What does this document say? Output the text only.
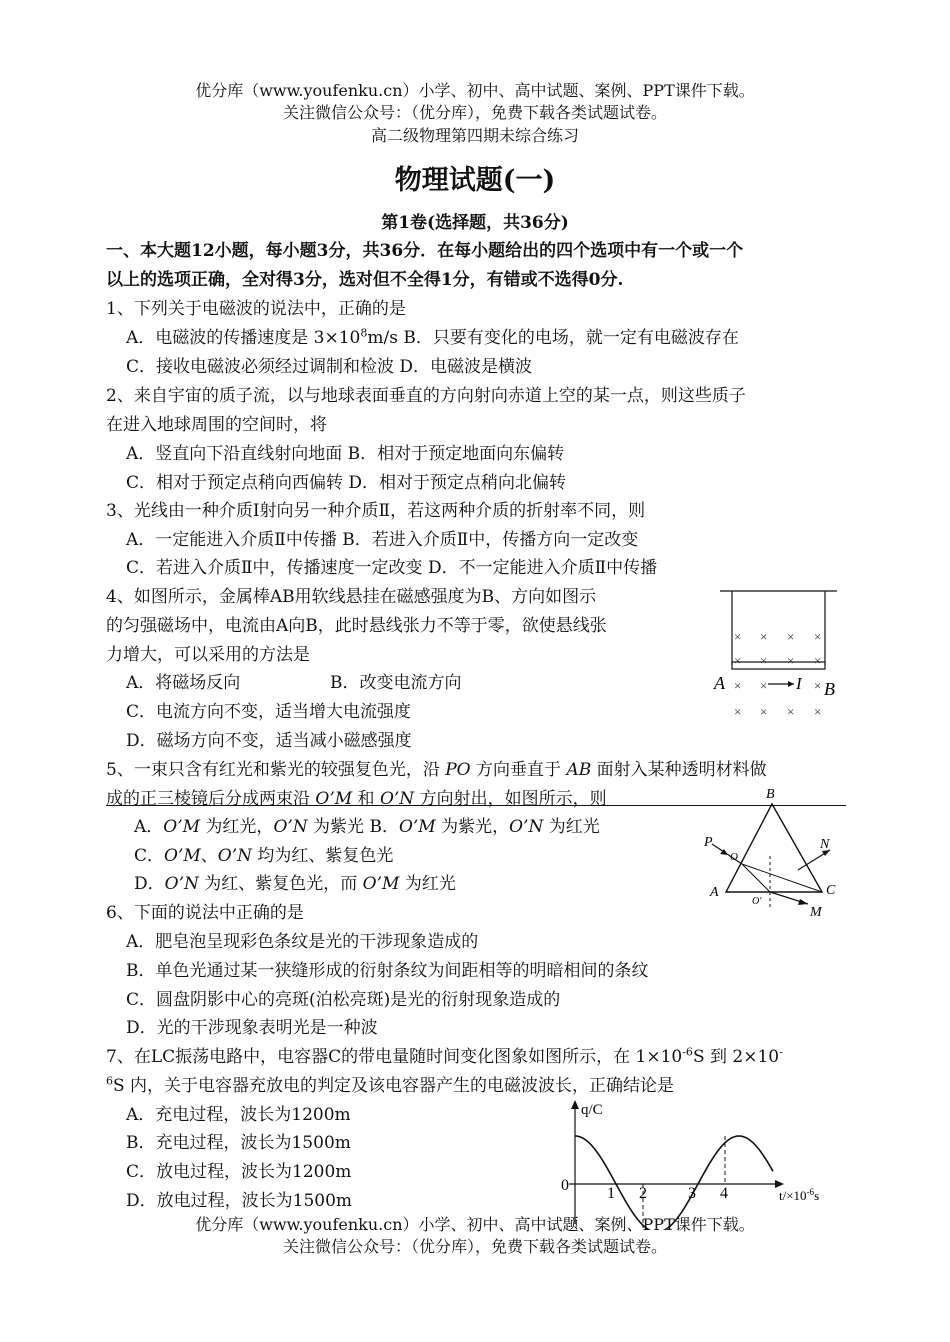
优分库（www.youfenku.cn）小学、初中、高中试题、案例、PPT课件下载。
关注微信公众号：（优分库），免费下载各类试题试卷。
高二级物理第四期未综合练习
物理试题(一)
第1卷(选择题，共36分)
一、本大题12小题，每小题3分，共36分．在每小题给出的四个选项中有一个或一个
以上的选项正确，全对得3分，选对但不全得1分，有错或不选得0分.
1、下列关于电磁波的说法中，正确的是
A．电磁波的传播速度是 $3\times 10^8m/s$ B．只要有变化的电场，就一定有电磁波存在
C．接收电磁波必须经过调制和检波 D．电磁波是横波
2、来自宇宙的质子流，以与地球表面垂直的方向射向赤道上空的某一点，则这些质子
在进入地球周围的空间时，将
A．竖直向下沿直线射向地面 B．相对于预定地面向东偏转
C．相对于预定点稍向西偏转 D．相对于预定点稍向北偏转
3、光线由一种介质Ⅰ射向另一种介质Ⅱ，若这两种介质的折射率不同，则
A．一定能进入介质Ⅱ中传播 B．若进入介质Ⅱ中，传播方向一定改变
C．若进入介质Ⅱ中，传播速度一定改变 D．不一定能进入介质Ⅱ中传播
4、如图所示，金属棒AB用软线悬挂在磁感强度为B、方向如图示
的匀强磁场中，电流由A向B，此时悬线张力不等于零，欲使悬线张
力增大，可以采用的方法是
A．将磁场反向	B．改变电流方向
C．电流方向不变，适当增大电流强度
D．磁场方向不变，适当减小磁感强度
× × × ×
× × × ×
× ×	×
× × × ×
A	I B
5、一束只含有红光和紫光的较强复色光，沿 PO 方向垂直于 AB 面射入某种透明材料做
成的正三棱镜后分成两束沿 O’M 和 O’N 方向射出，如图所示，则
A．O’M 为红光，O’N 为紫光 B．O’M 为紫光，O’N 为红光
C．O’M、O’N 均为红、紫复色光
D．O’N 为红、紫复色光，而 O’M 为红光
B
A	C
P
O
O'
N
M
6、下面的说法中正确的是
A．肥皂泡呈现彩色条纹是光的干涉现象造成的
B．单色光通过某一狭缝形成的衍射条纹为间距相等的明暗相间的条纹
C．圆盘阴影中心的亮斑(泊松亮斑)是光的衍射现象造成的
D．光的干涉现象表明光是一种波
7、在LC振荡电路中，电容器C的带电量随时间变化图象如图所示，在 $1\times 10^{-6}S$ 到 2×10-
$^6$S 内，关于电容器充放电的判定及该电容器产生的电磁波波长，正确结论是
A．充电过程，波长为1200m
B．充电过程，波长为1500m
C．放电过程，波长为1200m
D．放电过程，波长为1500m
q/C
0 1 2	3 4	$t/\times 10^{-6}s$
优分库（www.youfenku.cn）小学、初中、高中试题、案例、PPT课件下载。
关注微信公众号：（优分库），免费下载各类试题试卷。
